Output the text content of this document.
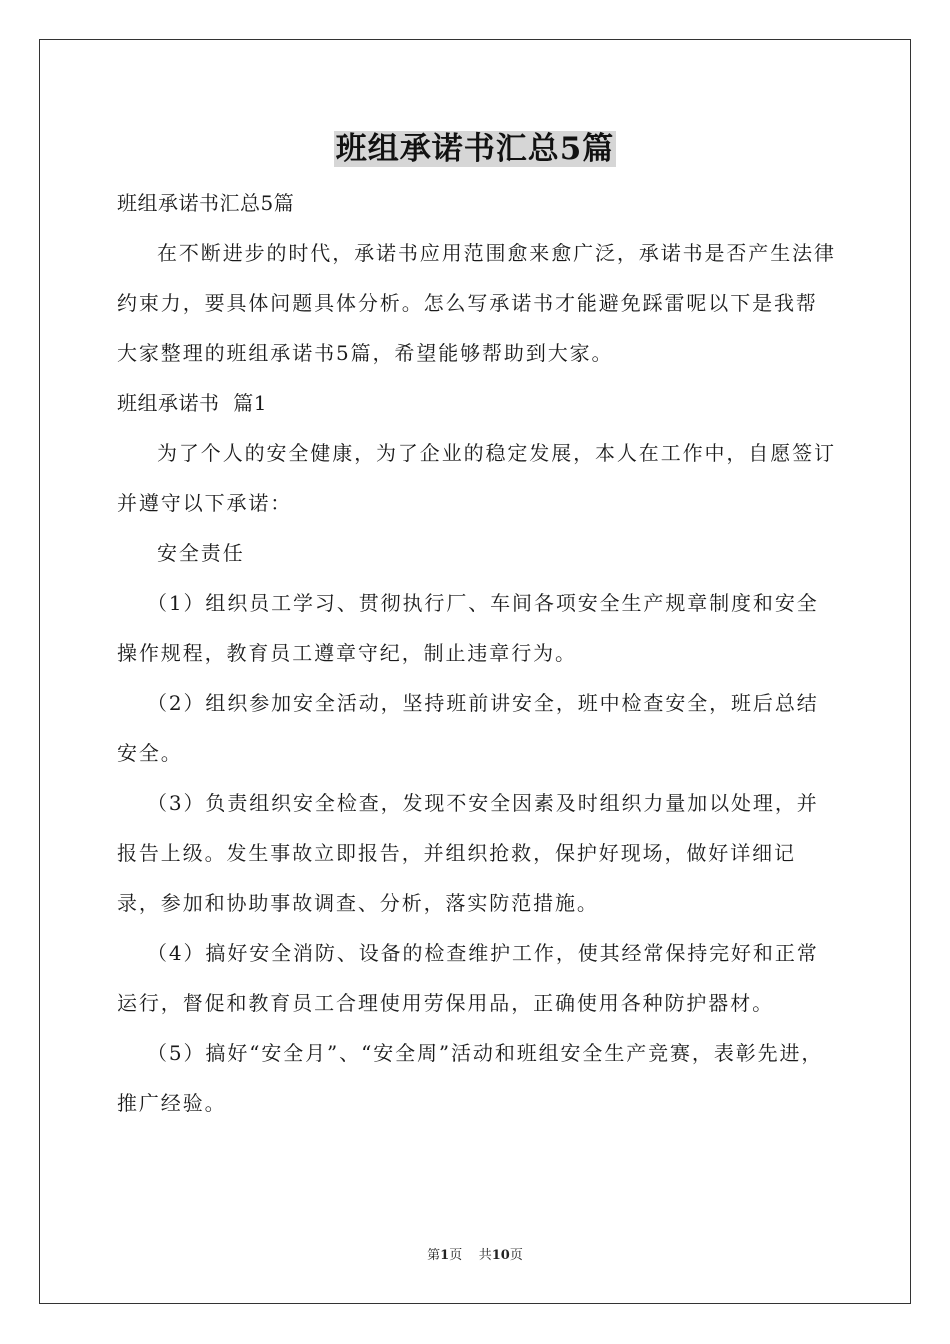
班组承诺书汇总5篇

班组承诺书汇总5篇

在不断进步的时代，承诺书应用范围愈来愈广泛，承诺书是否产生法律约束力，要具体问题具体分析。怎么写承诺书才能避免踩雷呢以下是我帮大家整理的班组承诺书5篇，希望能够帮助到大家。

班组承诺书  篇1

为了个人的安全健康，为了企业的稳定发展，本人在工作中，自愿签订并遵守以下承诺：

安全责任

（1）组织员工学习、贯彻执行厂、车间各项安全生产规章制度和安全操作规程，教育员工遵章守纪，制止违章行为。

（2）组织参加安全活动，坚持班前讲安全，班中检查安全，班后总结安全。

（3）负责组织安全检查，发现不安全因素及时组织力量加以处理，并报告上级。发生事故立即报告，并组织抢救，保护好现场，做好详细记录，参加和协助事故调查、分析，落实防范措施。

（4）搞好安全消防、设备的检查维护工作，使其经常保持完好和正常运行，督促和教育员工合理使用劳保用品，正确使用各种防护器材。

（5）搞好“安全月”、“安全周”活动和班组安全生产竞赛，表彰先进，推广经验。

第1页    共10页
